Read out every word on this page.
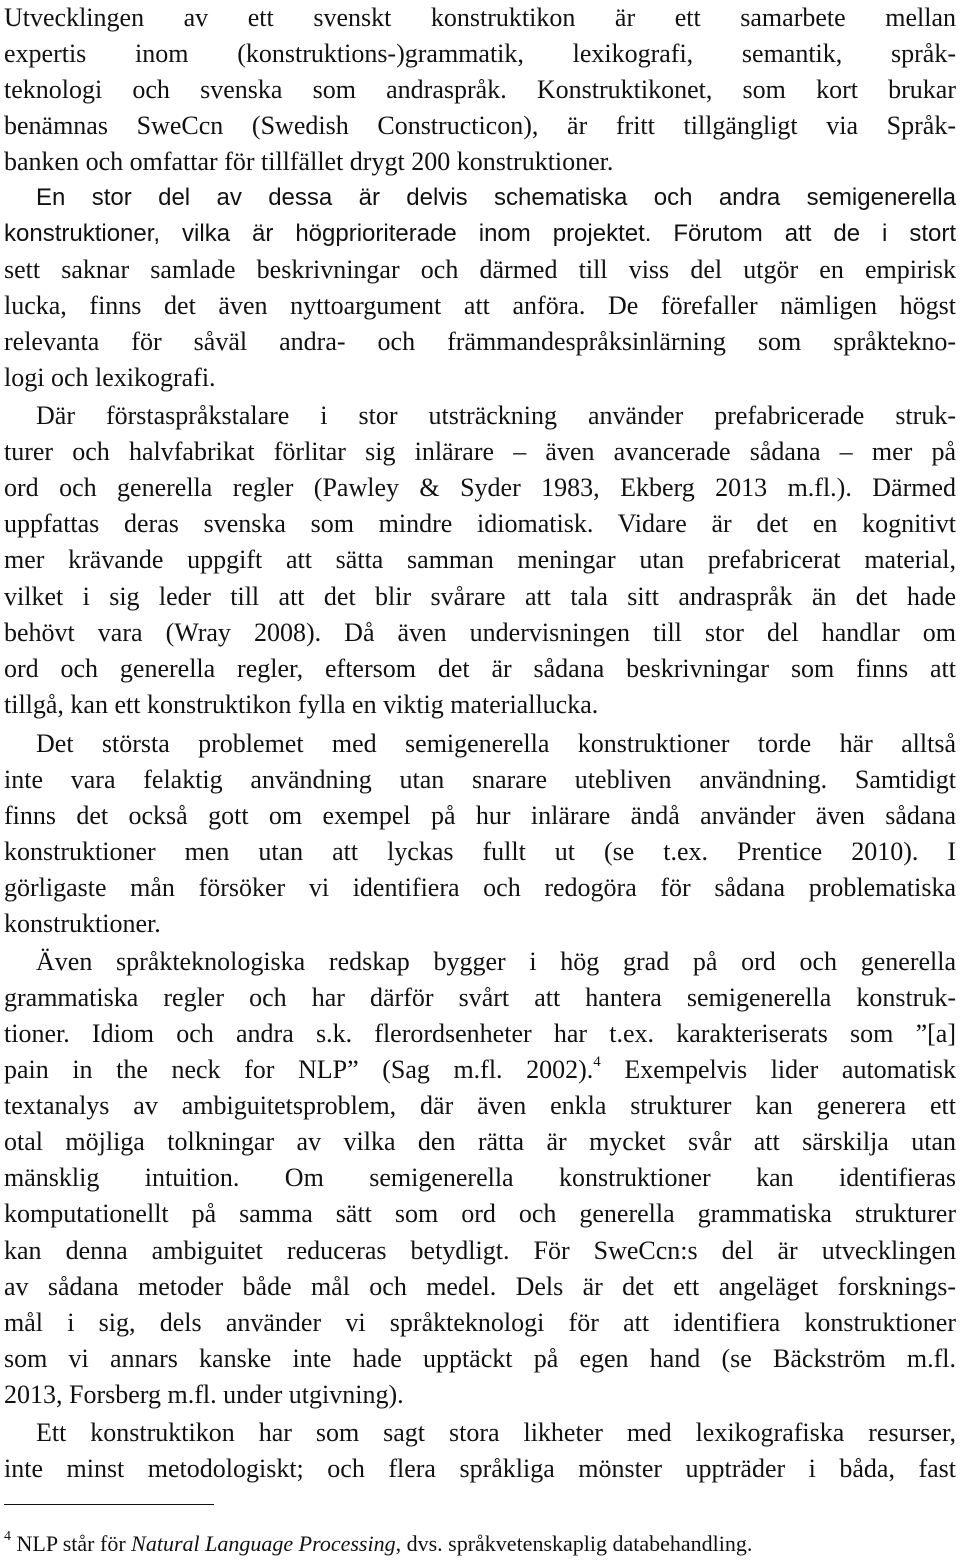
Utvecklingen av ett svenskt konstruktikon är ett samarbete mellan
expertis inom (konstruktions-)grammatik, lexikografi, semantik, språk-
teknologi och svenska som andraspråk. Konstruktikonet, som kort brukar
benämnas SweCcn (Swedish Constructicon), är fritt tillgängligt via Språk-
banken och omfattar för tillfället drygt 200 konstruktioner.
En stor del av dessa är delvis schematiska och andra semigenerella
konstruktioner, vilka är högprioriterade inom projektet. Förutom att de i stort
sett saknar samlade beskrivningar och därmed till viss del utgör en empirisk
lucka, finns det även nyttoargument att anföra. De förefaller nämligen högst
relevanta för såväl andra- och främmandespråksinlärning som språkteknο-
logi och lexikografi.
Där förstaspråkstalare i stor utsträckning använder prefabricerade struk-
turer och halvfabrikat förlitar sig inlärare – även avancerade sådana – mer på
ord och generella regler (Pawley & Syder 1983, Ekberg 2013 m.fl.). Därmed
uppfattas deras svenska som mindre idiomatisk. Vidare är det en kognitivt
mer krävande uppgift att sätta samman meningar utan prefabricerat material,
vilket i sig leder till att det blir svårare att tala sitt andraspråk än det hade
behövt vara (Wray 2008). Då även undervisningen till stor del handlar om
ord och generella regler, eftersom det är sådana beskrivningar som finns att
tillgå, kan ett konstruktikon fylla en viktig materiallucka.
Det största problemet med semigenerella konstruktioner torde här alltså
inte vara felaktig användning utan snarare utebliven användning. Samtidigt
finns det också gott om exempel på hur inlärare ändå använder även sådana
konstruktioner men utan att lyckas fullt ut (se t.ex. Prentice 2010). I
görligaste mån försöker vi identifiera och redogöra för sådana problematiska
konstruktioner.
Även språkteknologiska redskap bygger i hög grad på ord och generella
grammatiska regler och har därför svårt att hantera semigenerella konstruk-
tioner. Idiom och andra s.k. flerordsenheter har t.ex. karakteriserats som ”[a]
pain in the neck for NLP” (Sag m.fl. 2002).$^4$ Exempelvis lider automatisk
textanalys av ambiguitetsproblem, där även enkla strukturer kan generera ett
otal möjliga tolkningar av vilka den rätta är mycket svår att särskilja utan
mänsklig intuition. Om semigenerella konstruktioner kan identifieras
komputationellt på samma sätt som ord och generella grammatiska strukturer
kan denna ambiguitet reduceras betydligt. För SweCcn:s del är utvecklingen
av sådana metoder både mål och medel. Dels är det ett angeläget forsknings-
mål i sig, dels använder vi språkteknologi för att identifiera konstruktioner
som vi annars kanske inte hade upptäckt på egen hand (se Bäckström m.fl.
2013, Forsberg m.fl. under utgivning).
Ett konstruktikon har som sagt stora likheter med lexikografiska resurser,
inte minst metodologiskt; och flera språkliga mönster uppträder i båda, fast
$^4$ NLP står för Natural Language Processing, dvs. språkvetenskaplig databehandling.
